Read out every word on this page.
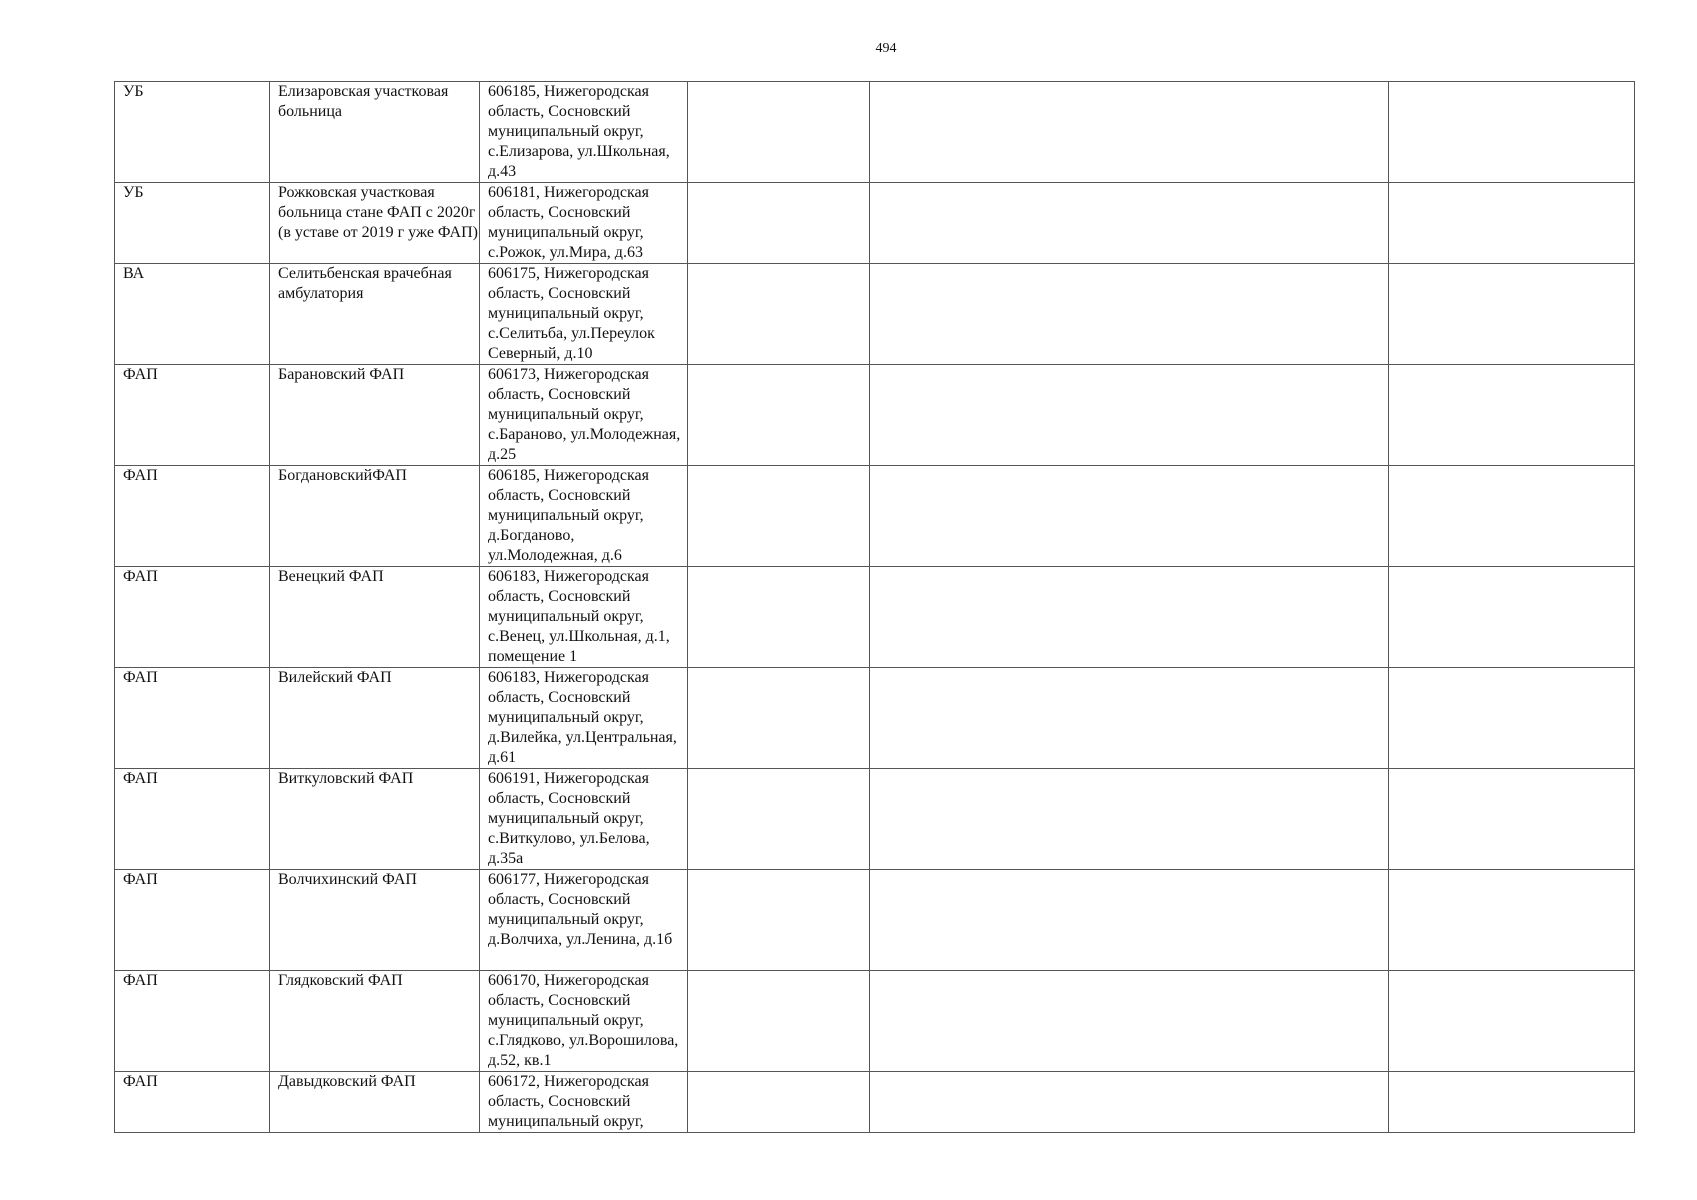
494
УБ	Елизаровская участковая больница	606185, Нижегородская область, Сосновский муниципальный округ, с.Елизарова, ул.Школьная, д.43			
УБ	Рожковская участковая больница стане ФАП с 2020г (в уставе от 2019 г уже ФАП)	606181, Нижегородская область, Сосновский муниципальный округ, с.Рожок, ул.Мира, д.63			
ВА	Селитьбенская врачебная амбулатория	606175, Нижегородская область, Сосновский муниципальный округ, с.Селитьба, ул.Переулок Северный, д.10			
ФАП	Барановский ФАП	606173, Нижегородская область, Сосновский муниципальный округ, с.Бараново, ул.Молодежная, д.25			
ФАП	БогдановскийФАП	606185, Нижегородская область, Сосновский муниципальный округ, д.Богданово, ул.Молодежная, д.6			
ФАП	Венецкий ФАП	606183, Нижегородская область, Сосновский муниципальный округ, с.Венец, ул.Школьная, д.1, помещение 1			
ФАП	Вилейский ФАП	606183, Нижегородская область, Сосновский муниципальный округ, д.Вилейка, ул.Центральная, д.61			
ФАП	Виткуловский ФАП	606191, Нижегородская область, Сосновский муниципальный округ, с.Виткулово, ул.Белова, д.35а			
ФАП	Волчихинский ФАП	606177, Нижегородская область, Сосновский муниципальный округ, д.Волчиха, ул.Ленина, д.1б			
ФАП	Глядковский ФАП	606170, Нижегородская область, Сосновский муниципальный округ, с.Глядково, ул.Ворошилова, д.52, кв.1			
ФАП	Давыдковский ФАП	606172, Нижегородская область, Сосновский муниципальный округ,			
